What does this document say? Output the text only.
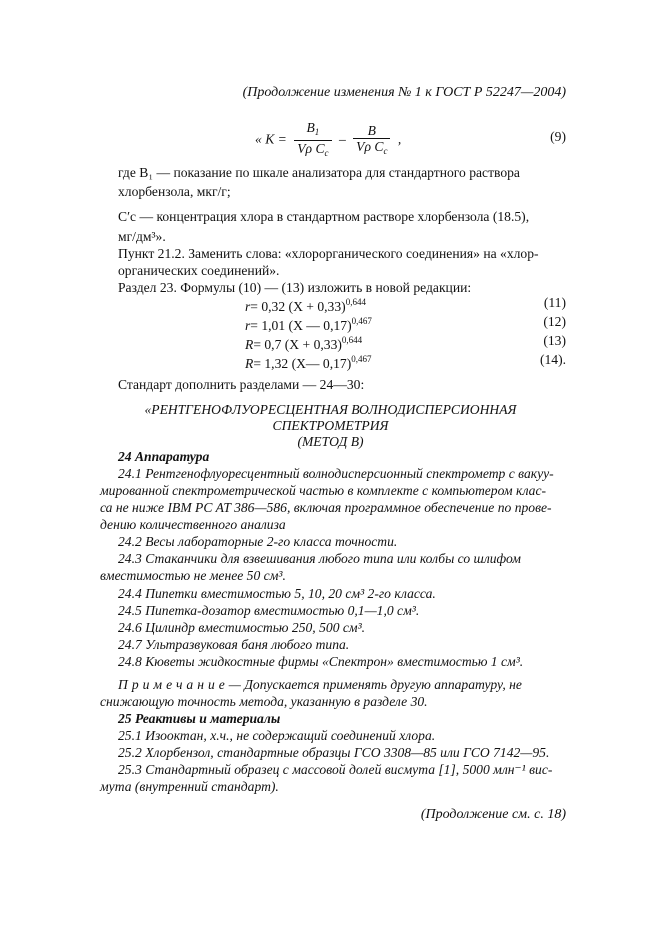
(Продолжение изменения № 1 к ГОСТ Р 52247—2004)
« $K = \frac{B_1}{V\rho C_c} - \frac{B}{V\rho C_c}$ ,	(9)
где B₁ — показание по шкале анализатора для стандартного раствора
хлорбензола, мкг/г;
C′c — концентрация хлора в стандартном растворе хлорбензола (18.5),
мг/дм³».
Пункт 21.2. Заменить слова: «хлорорганического соединения» на «хлор-
органических соединений».
Раздел 23. Формулы (10) — (13) изложить в новой редакции:
r= 0,32 $(X + 0,33)^{0,644}$	(11)
r= 1,01 (X — 0,17)$^{0,467}$	(12)
R= 0,7 $(X + 0,33)^{0,644}$	(13)
R= 1,32 (X— 0,17)$^{0,467}$	(14).
Стандарт дополнить разделами — 24—30:
«РЕНТГЕНОФЛУОРЕСЦЕНТНАЯ ВОЛНОДИСПЕРСИОННАЯ
СПЕКТРОМЕТРИЯ
(МЕТОД В)
24 Аппаратура
24.1 Рентгенофлуоресцентный волнодисперсионный спектрометр с вакуу-
мированной спектрометрической частью в комплекте с компьютером клас-
са не ниже IBM PC AT 386—586, включая программное обеспечение по прове-
дению количественного анализа
24.2 Весы лабораторные 2-го класса точности.
24.3 Стаканчики для взвешивания любого типа или колбы со шлифом
вместимостью не менее 50 см³.
24.4 Пипетки вместимостью 5, 10, 20 см³ 2-го класса.
24.5 Пипетка-дозатор вместимостью 0,1—1,0 см³.
24.6 Цилиндр вместимостью 250, 500 см³.
24.7 Ультразвуковая баня любого типа.
24.8 Кюветы жидкостные фирмы «Спектрон» вместимостью 1 см³.
Примечание— Допускается применять другую аппаратуру, не
снижающую точность метода, указанную в разделе 30.
25 Реактивы и материалы
25.1 Изооктан, х.ч., не содержащий соединений хлора.
25.2 Хлорбензол, стандартные образцы ГСО 3308—85 или ГСО 7142—95.
25.3 Стандартный образец с массовой долей висмута [1], 5000 млн⁻¹ вис-
мута (внутренний стандарт).
(Продолжение см. с. 18)
